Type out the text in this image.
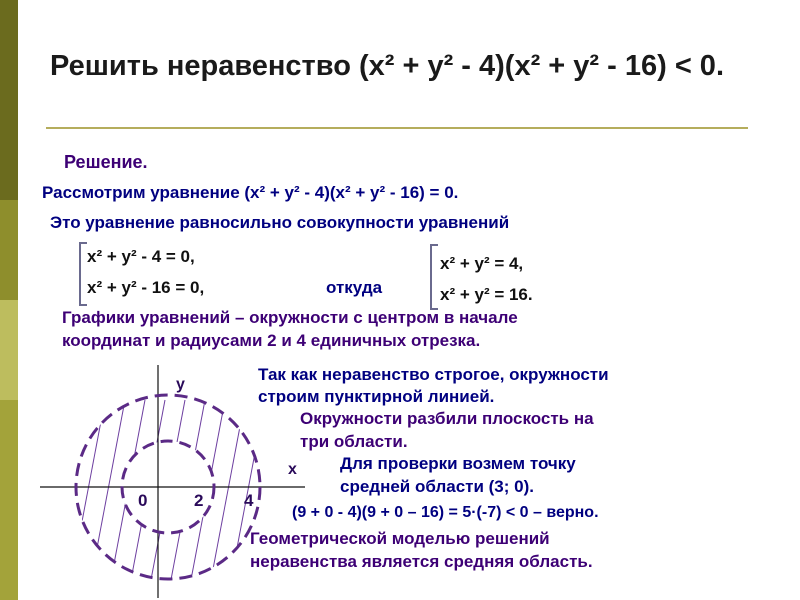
Решить неравенство (x² + y² - 4)(x² + y² - 16) < 0.
Решение.
Рассмотрим уравнение (x² + y² - 4)(x² + y² - 16) = 0.
Это уравнение равносильно совокупности уравнений
x² + y² - 4 = 0,
x² + y² - 16 = 0,	откуда
x² + y² = 4,
x² + y² = 16.
Графики уравнений – окружности с центром в начале
координат и радиусами 2 и 4 единичных отрезка.
Так как неравенство строгое, окружности
строим пунктирной линией.
Окружности разбили плоскость на
три области.
Для проверки возмем точку
средней области (3; 0).
(9 + 0 - 4)(9 + 0 – 16) = 5·(-7) < 0 – верно.
Геометрической моделью решений
неравенства является средняя область.
y
x
0	2 4
